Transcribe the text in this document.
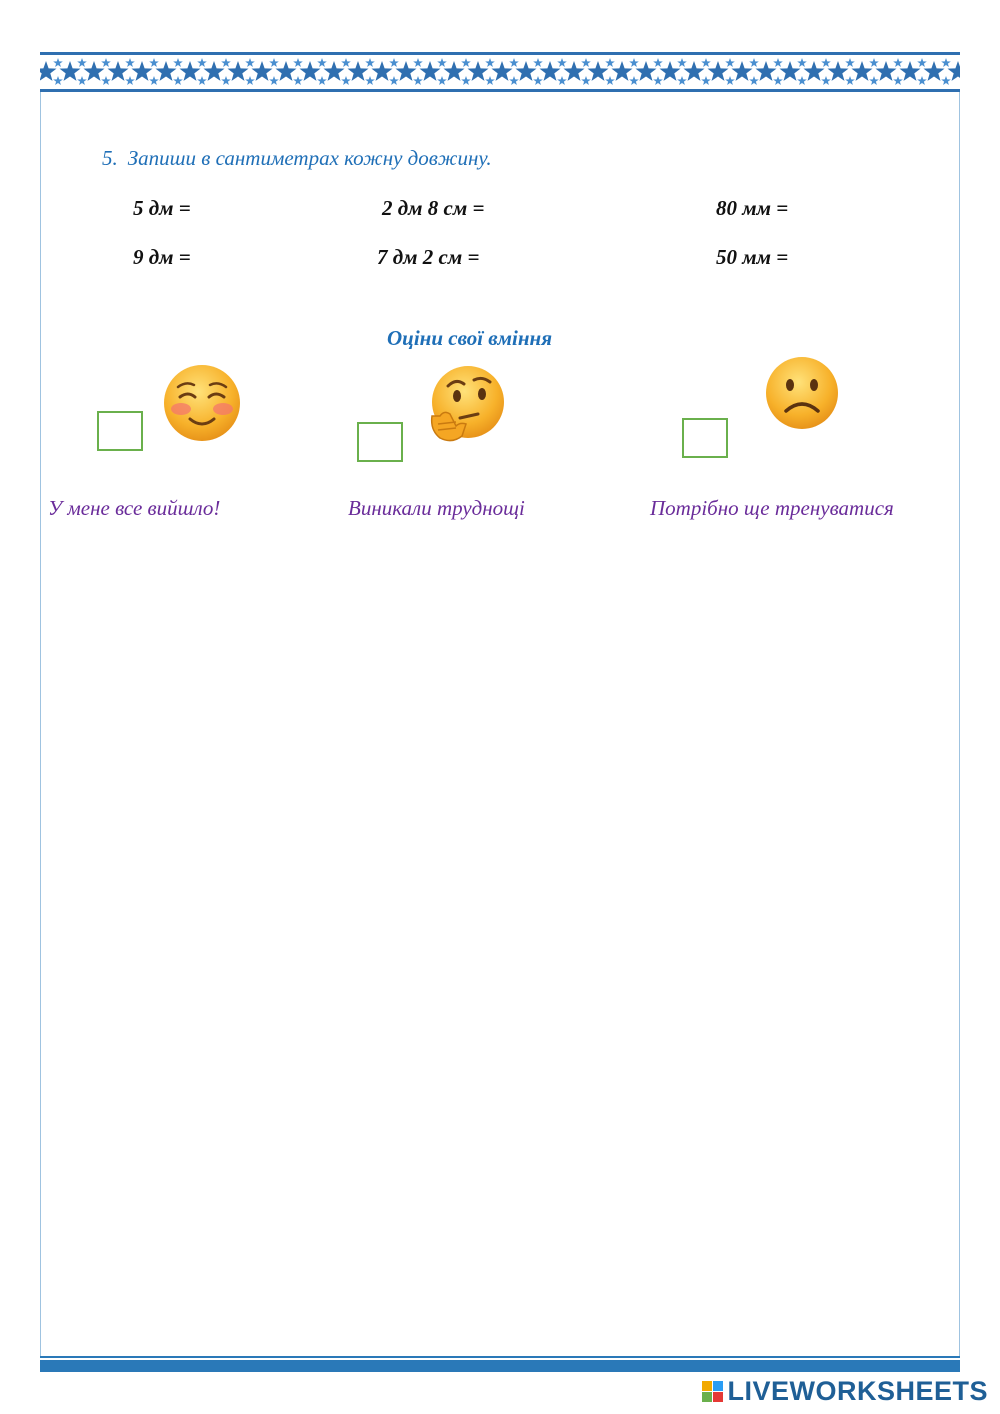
5. Запиши в сантиметрах кожну довжину.
5 дм =	2 дм 8 см =	80 мм =
9 дм =	7 дм 2 см =	50 мм =
Оціни свої вміння
У мене все вийшло!	Виникали труднощі	Потрібно ще тренуватися
LIVEWORKSHEETS
